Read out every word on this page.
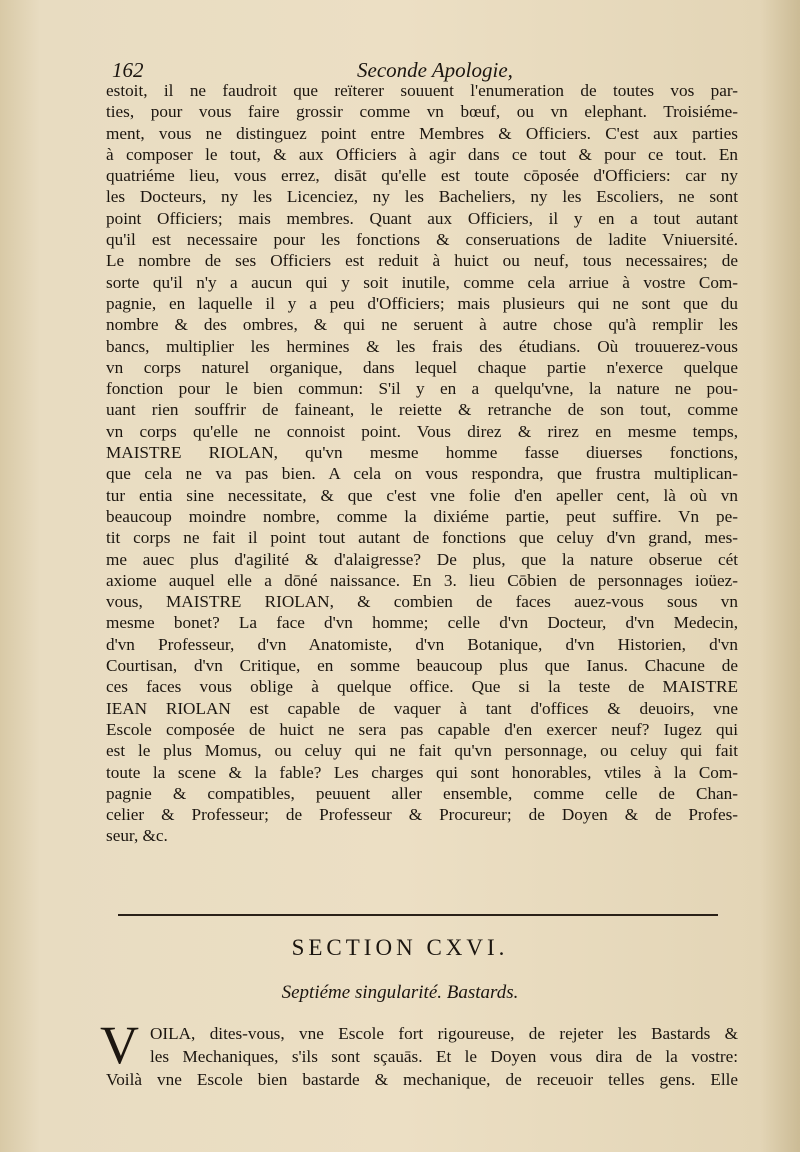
162	Seconde Apologie,
estoit, il ne faudroit que reïterer souuent l'enumeration de toutes vos par-
ties, pour vous faire grossir comme vn bœuf, ou vn elephant. Troisiéme-
ment, vous ne distinguez point entre Membres & Officiers. C'est aux parties
à composer le tout, & aux Officiers à agir dans ce tout & pour ce tout. En
quatriéme lieu, vous errez, disāt qu'elle est toute cōposée d'Officiers: car ny
les Docteurs, ny les Licenciez, ny les Bacheliers, ny les Escoliers, ne sont
point Officiers; mais membres. Quant aux Officiers, il y en a tout autant
qu'il est necessaire pour les fonctions & conseruations de ladite Vniuersité.
Le nombre de ses Officiers est reduit à huict ou neuf, tous necessaires; de
sorte qu'il n'y a aucun qui y soit inutile, comme cela arriue à vostre Com-
pagnie, en laquelle il y a peu d'Officiers; mais plusieurs qui ne sont que du
nombre & des ombres, & qui ne seruent à autre chose qu'à remplir les
bancs, multiplier les hermines & les frais des étudians. Où trouuerez-vous
vn corps naturel organique, dans lequel chaque partie n'exerce quelque
fonction pour le bien commun: S'il y en a quelqu'vne, la nature ne pou-
uant rien souffrir de faineant, le reiette & retranche de son tout, comme
vn corps qu'elle ne connoist point. Vous direz & rirez en mesme temps,
MAISTRE RIOLAN, qu'vn mesme homme fasse diuerses fonctions,
que cela ne va pas bien. A cela on vous respondra, que frustra multiplican-
tur entia sine necessitate, & que c'est vne folie d'en apeller cent, là où vn
beaucoup moindre nombre, comme la dixiéme partie, peut suffire. Vn pe-
tit corps ne fait il point tout autant de fonctions que celuy d'vn grand, mes-
me auec plus d'agilité & d'alaigresse? De plus, que la nature obserue cét
axiome auquel elle a dōné naissance. En 3. lieu Cōbien de personnages ioüez-
vous, MAISTRE RIOLAN, & combien de faces auez-vous sous vn
mesme bonet? La face d'vn homme; celle d'vn Docteur, d'vn Medecin,
d'vn Professeur, d'vn Anatomiste, d'vn Botanique, d'vn Historien, d'vn
Courtisan, d'vn Critique, en somme beaucoup plus que Ianus. Chacune de
ces faces vous oblige à quelque office. Que si la teste de MAISTRE
IEAN RIOLAN est capable de vaquer à tant d'offices & deuoirs, vne
Escole composée de huict ne sera pas capable d'en exercer neuf? Iugez qui
est le plus Momus, ou celuy qui ne fait qu'vn personnage, ou celuy qui fait
toute la scene & la fable? Les charges qui sont honorables, vtiles à la Com-
pagnie & compatibles, peuuent aller ensemble, comme celle de Chan-
celier & Professeur; de Professeur & Procureur; de Doyen & de Profes-
seur, &c.
SECTION CXVI.
Septiéme singularité. Bastards.
V OILA, dites-vous, vne Escole fort rigoureuse, de rejeter les Bastards &
les Mechaniques, s'ils sont sçauās. Et le Doyen vous dira de la vostre:
Voilà vne Escole bien bastarde & mechanique, de receuoir telles gens. Elle
